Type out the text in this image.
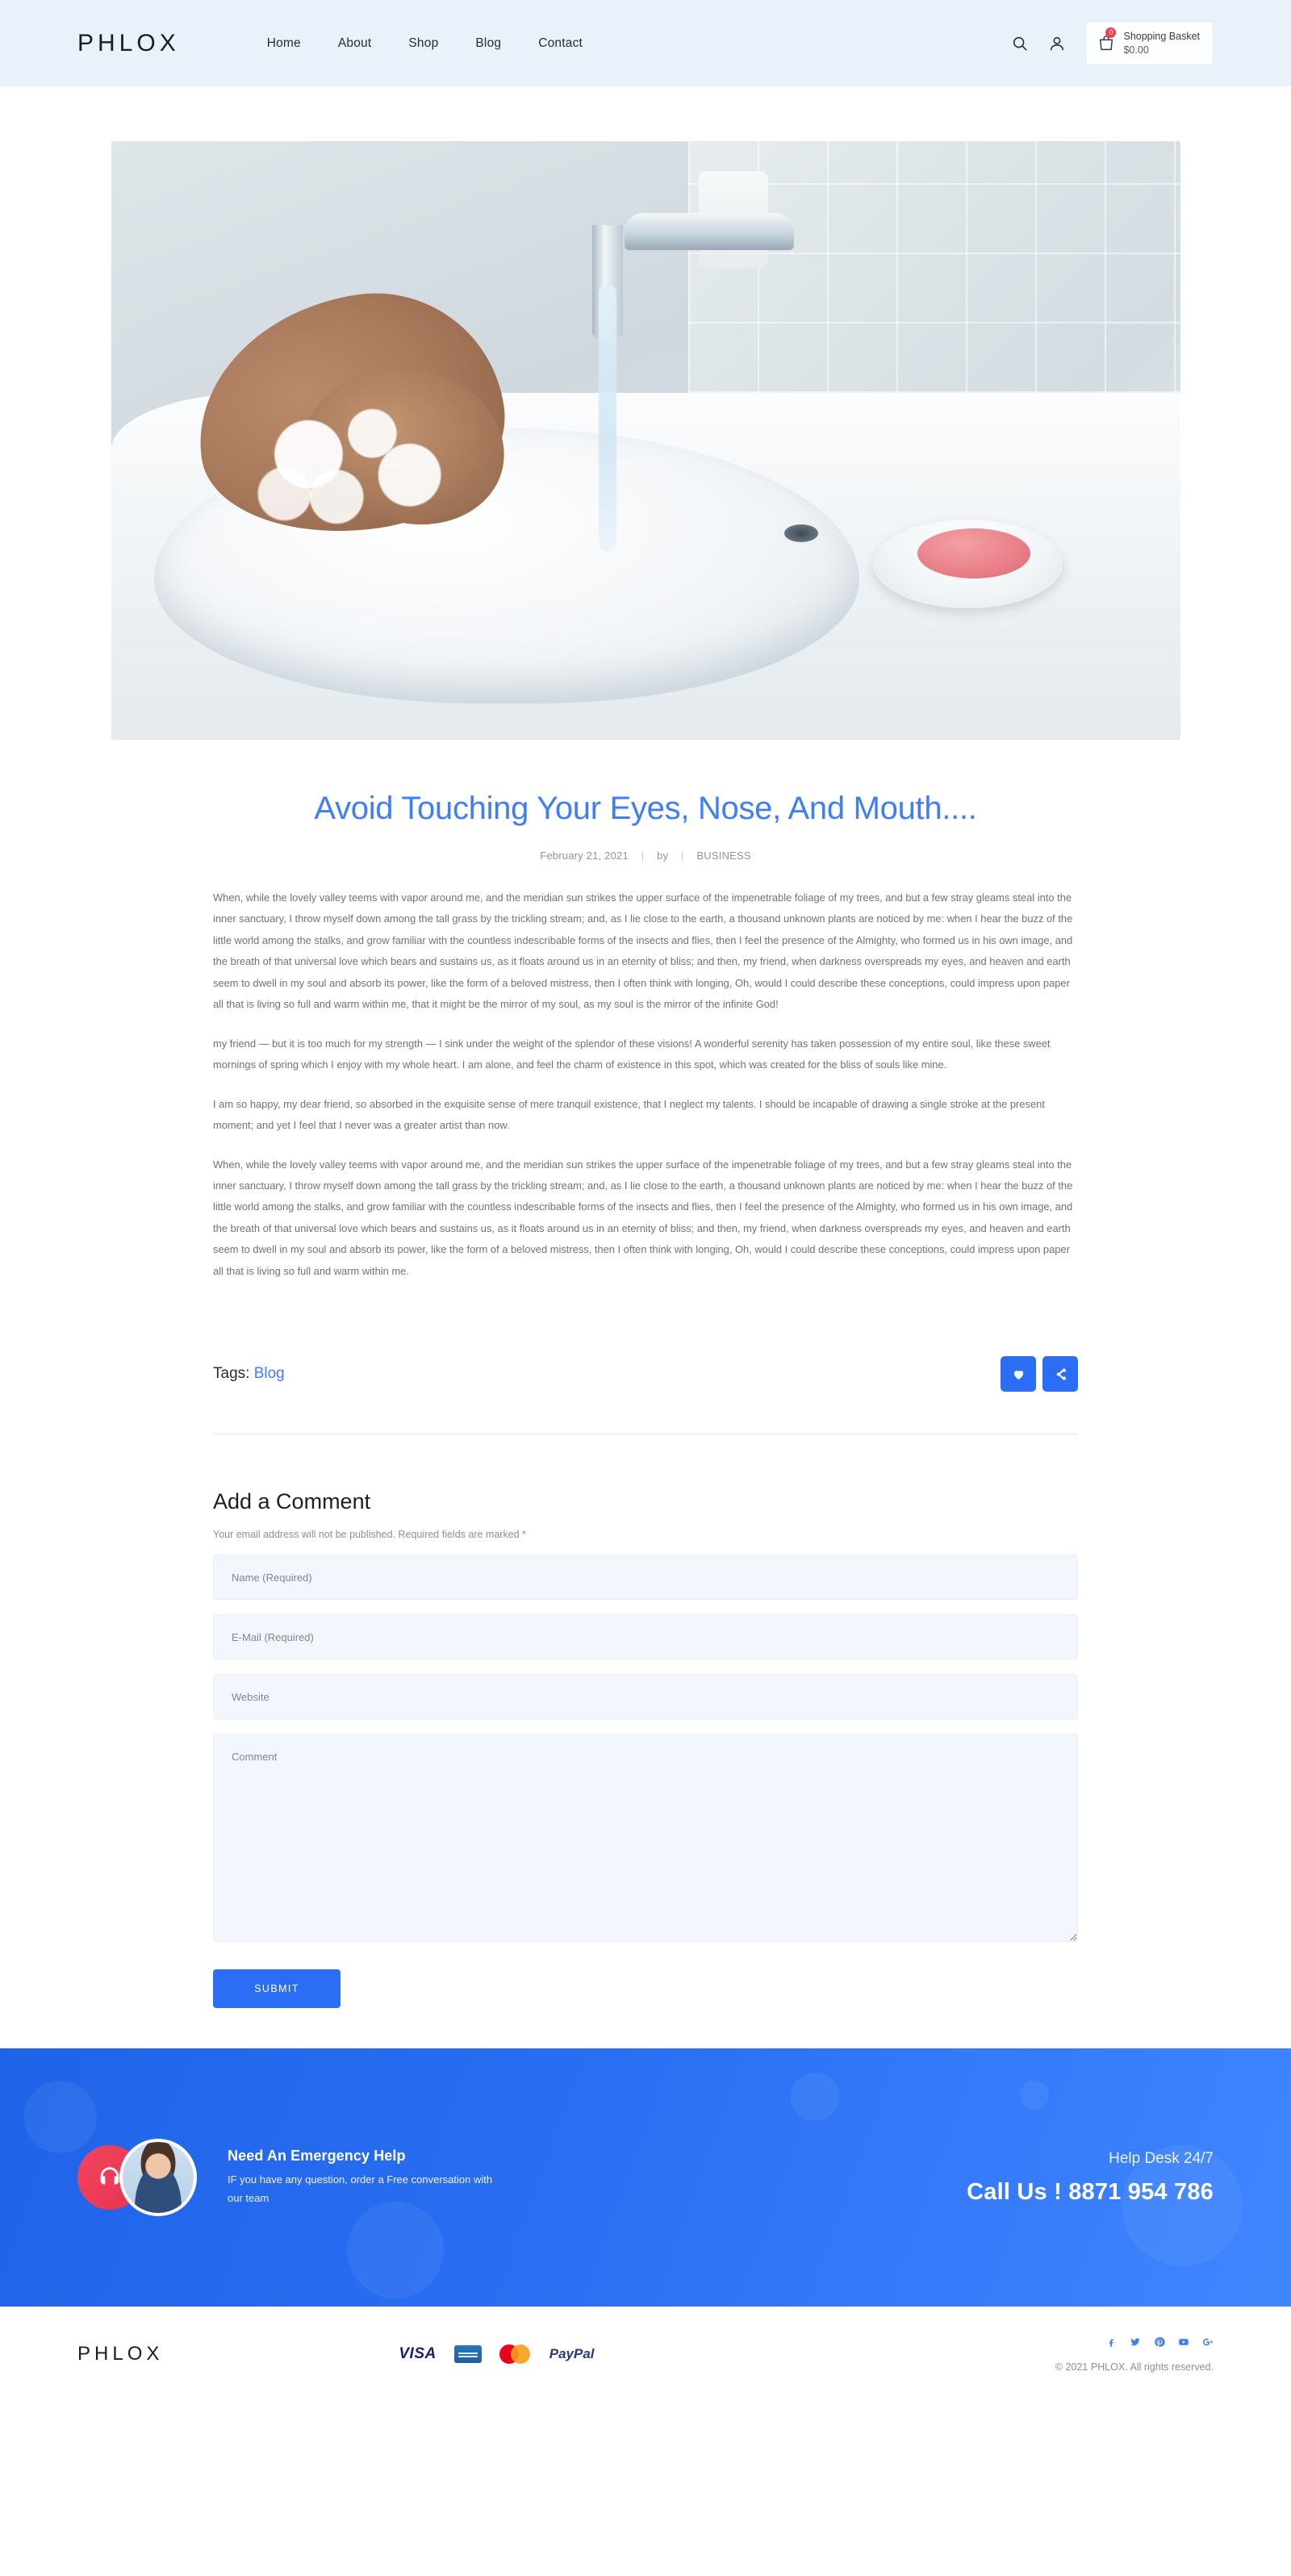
PHLOX	Home	About	Shop	Blog	Contact
0	Shopping Basket
$0.00
Avoid Touching Your Eyes, Nose, And Mouth....
February 21, 2021 | by | BUSINESS

When, while the lovely valley teems with vapor around me, and the meridian sun strikes the upper surface of the impenetrable foliage of my trees, and but a few stray gleams steal into the inner sanctuary, I throw myself down among the tall grass by the trickling stream; and, as I lie close to the earth, a thousand unknown plants are noticed by me: when I hear the buzz of the little world among the stalks, and grow familiar with the countless indescribable forms of the insects and flies, then I feel the presence of the Almighty, who formed us in his own image, and the breath of that universal love which bears and sustains us, as it floats around us in an eternity of bliss; and then, my friend, when darkness overspreads my eyes, and heaven and earth seem to dwell in my soul and absorb its power, like the form of a beloved mistress, then I often think with longing, Oh, would I could describe these conceptions, could impress upon paper all that is living so full and warm within me, that it might be the mirror of my soul, as my soul is the mirror of the infinite God!

my friend — but it is too much for my strength — I sink under the weight of the splendor of these visions! A wonderful serenity has taken possession of my entire soul, like these sweet mornings of spring which I enjoy with my whole heart. I am alone, and feel the charm of existence in this spot, which was created for the bliss of souls like mine.

I am so happy, my dear friend, so absorbed in the exquisite sense of mere tranquil existence, that I neglect my talents. I should be incapable of drawing a single stroke at the present moment; and yet I feel that I never was a greater artist than now.

When, while the lovely valley teems with vapor around me, and the meridian sun strikes the upper surface of the impenetrable foliage of my trees, and but a few stray gleams steal into the inner sanctuary, I throw myself down among the tall grass by the trickling stream; and, as I lie close to the earth, a thousand unknown plants are noticed by me: when I hear the buzz of the little world among the stalks, and grow familiar with the countless indescribable forms of the insects and flies, then I feel the presence of the Almighty, who formed us in his own image, and the breath of that universal love which bears and sustains us, as it floats around us in an eternity of bliss; and then, my friend, when darkness overspreads my eyes, and heaven and earth seem to dwell in my soul and absorb its power, like the form of a beloved mistress, then I often think with longing, Oh, would I could describe these conceptions, could impress upon paper all that is living so full and warm within me.

Tags: Blog
Add a Comment
Your email address will not be published. Required fields are marked *
Name (Required)
E-Mail (Required)
Website
Comment SUBMIT
Need An Emergency Help
IF you have any question, order a Free conversation with our team
Help Desk 24/7
Call Us ! 8871 954 786
PHLOX	VISA	PayPal
© 2021 PHLOX. All rights reserved.
